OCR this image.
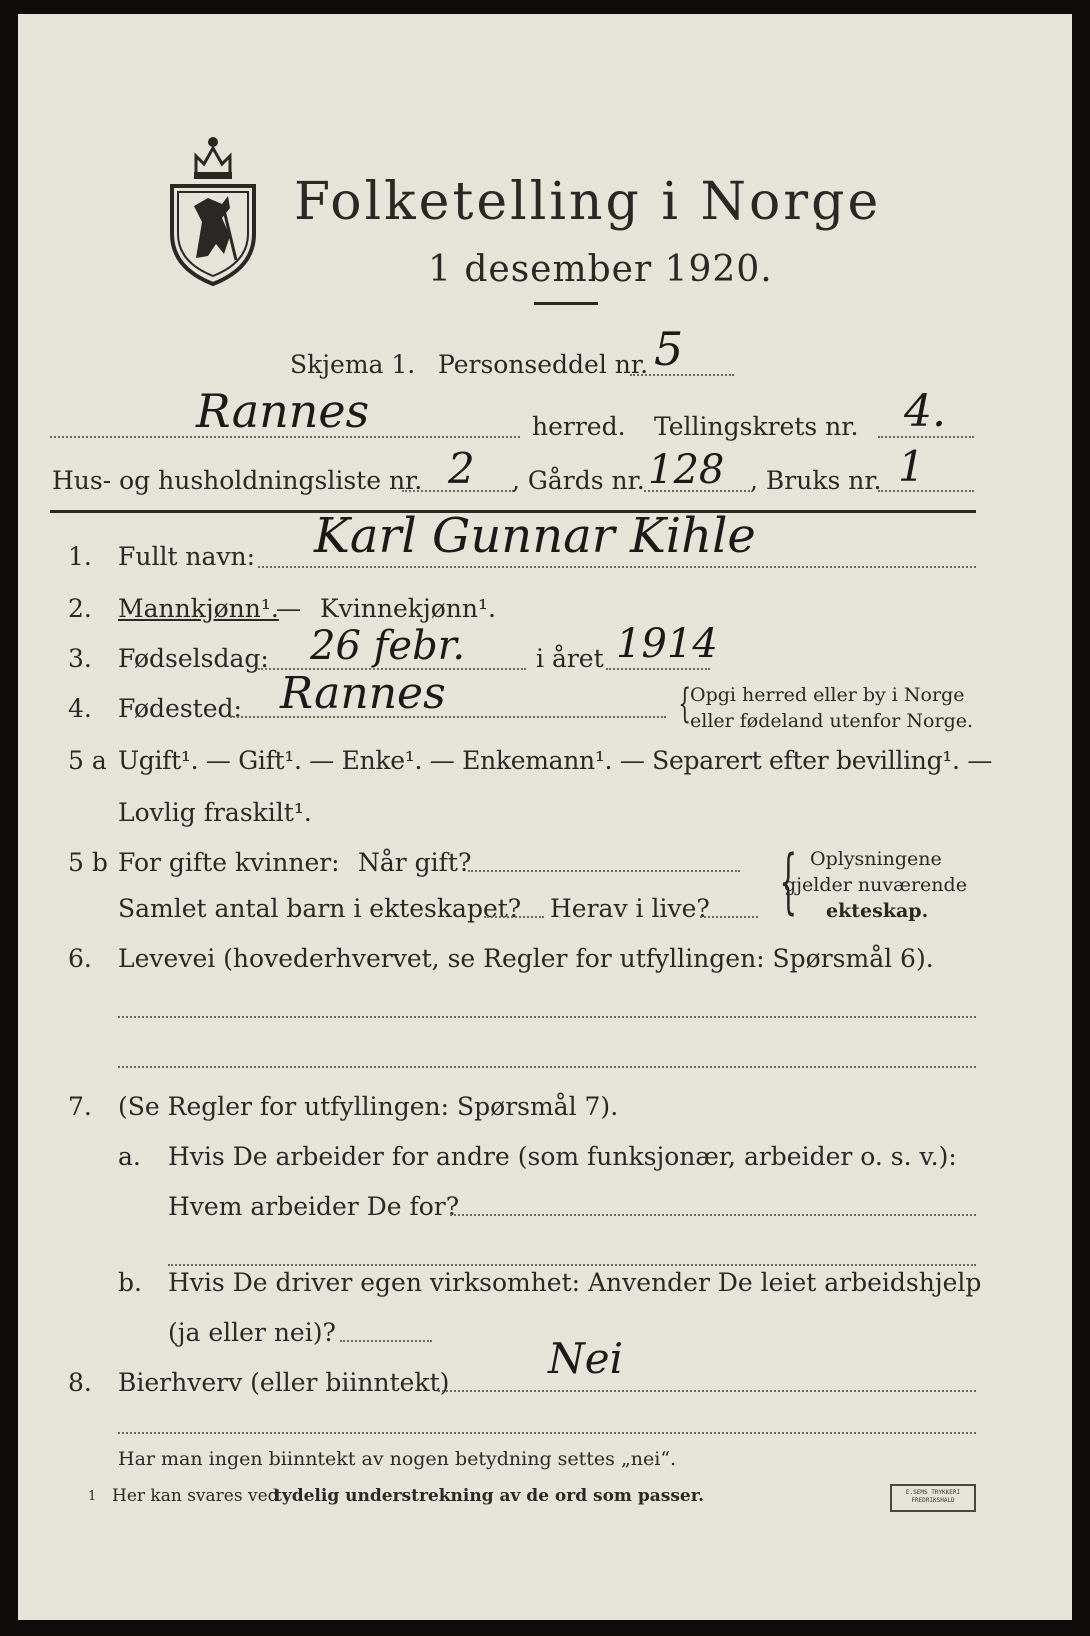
Folketelling i Norge
1 desember 1920.
Skjema 1. Personseddel nr. 5
Rannes	herred. Tellingskrets nr. 4.
Hus- og husholdningsliste nr. 2 , Gårds nr. 128 , Bruks nr. 1
1. Fullt navn: Karl Gunnar Kihle
2. Mannkjønn¹.
— Kvinnekjønn¹.
3. Fødselsdag: 26 febr.	i året 1914
4. Fødested: Rannes	{
Opgi herred eller by i Norge
eller fødeland utenfor Norge.
5 a Ugift¹. — Gift¹. — Enke¹. — Enkemann¹. — Separert efter bevilling¹. —
Lovlig fraskilt¹.
5 b For gifte kvinner: Når gift?
Samlet antal barn i ekteskapet? Herav i live? { Oplysningene
gjelder nuværende
ekteskap.
6. Levevei (hovederhvervet, se Regler for utfyllingen: Spørsmål 6).
7. (Se Regler for utfyllingen: Spørsmål 7).
a. Hvis De arbeider for andre (som funksjonær, arbeider o. s. v.):
Hvem arbeider De for?
b. Hvis De driver egen virksomhet: Anvender De leiet arbeidshjelp
(ja eller nei)?
8. Bierhverv (eller biinntekt) Nei
Har man ingen biinntekt av nogen betydning settes „nei“.
1 Her kan svares ved
tydelig understrekning av de ord som passer.	E.SEMS TRYKKERI
FREDRIKSHALD
